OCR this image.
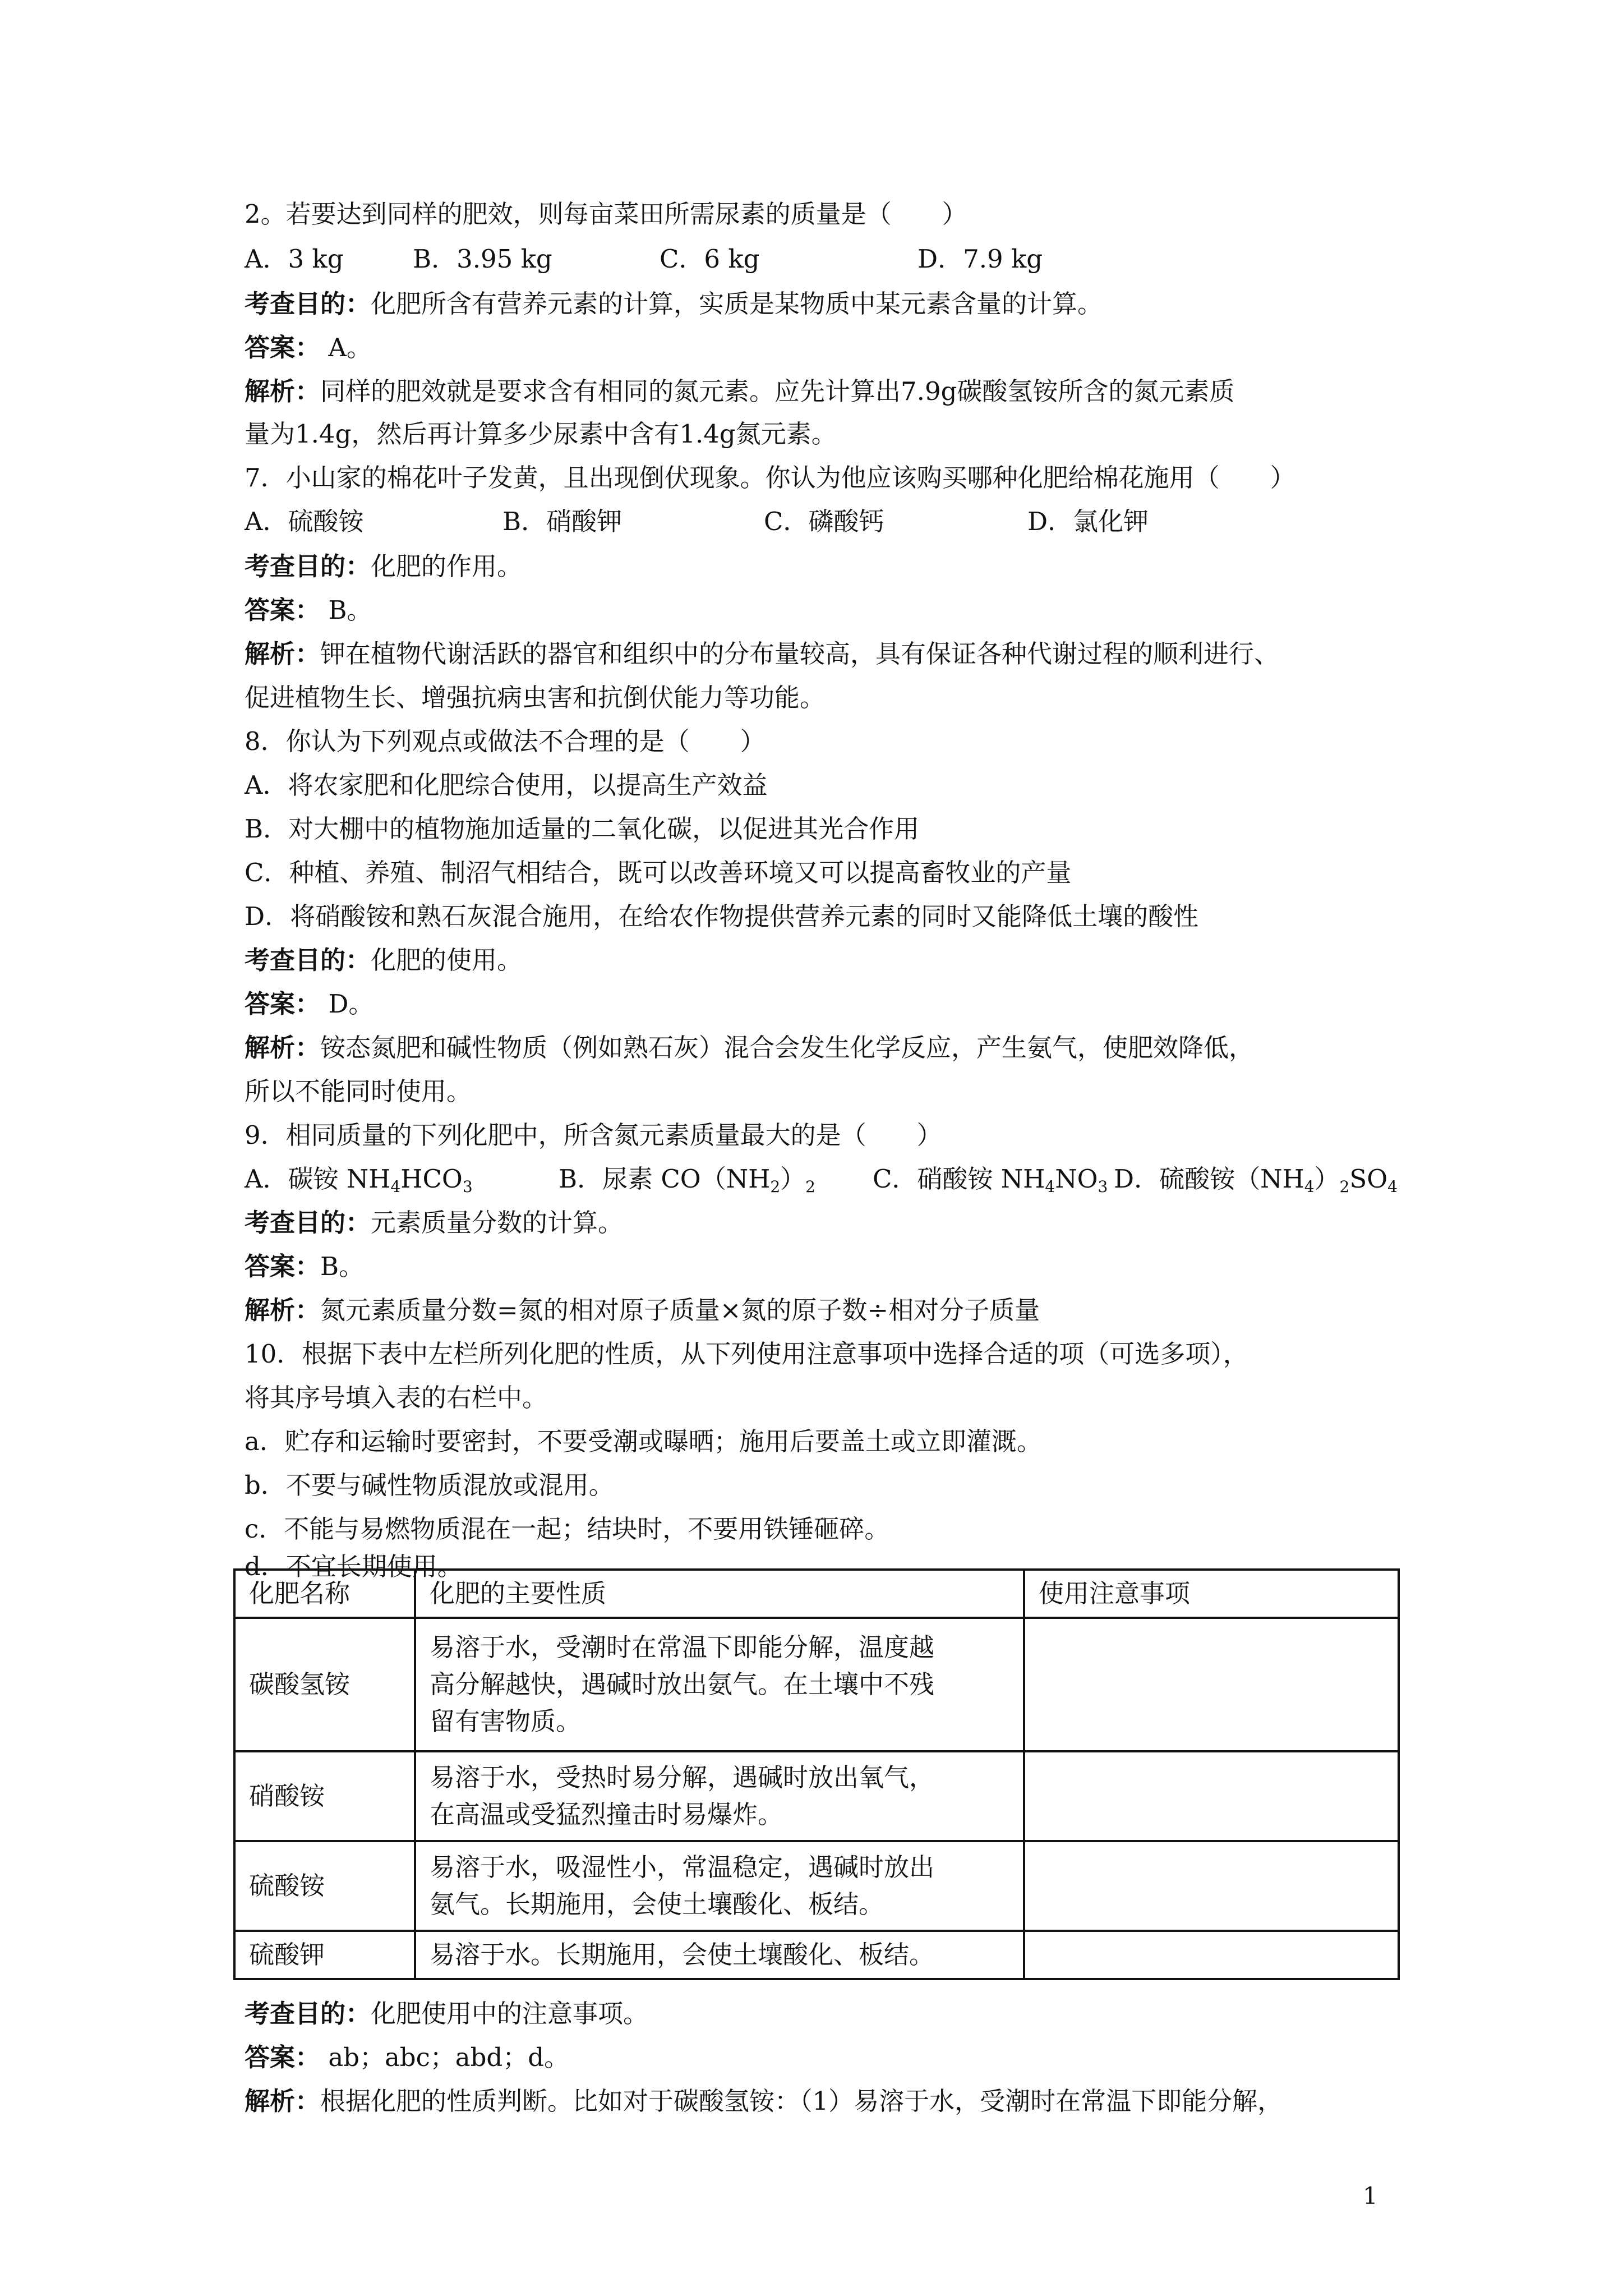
2。若要达到同样的肥效，则每亩菜田所需尿素的质量是（　　）
A．3 kg	B．3.95 kg	C．6 kg	D．7.9 kg
考查目的：化肥所含有营养元素的计算，实质是某物质中某元素含量的计算。
答案： A。
解析：同样的肥效就是要求含有相同的氮元素。应先计算出7.9g碳酸氢铵所含的氮元素质
量为1.4g，然后再计算多少尿素中含有1.4g氮元素。
7．小山家的棉花叶子发黄，且出现倒伏现象。你认为他应该购买哪种化肥给棉花施用（　　）
A．硫酸铵	B．硝酸钾	C．磷酸钙	D．氯化钾
考查目的：化肥的作用。
答案： B。
解析：钾在植物代谢活跃的器官和组织中的分布量较高，具有保证各种代谢过程的顺利进行、
促进植物生长、增强抗病虫害和抗倒伏能力等功能。
8．你认为下列观点或做法不合理的是（　　）
A．将农家肥和化肥综合使用，以提高生产效益
B．对大棚中的植物施加适量的二氧化碳，以促进其光合作用
C．种植、养殖、制沼气相结合，既可以改善环境又可以提高畜牧业的产量
D．将硝酸铵和熟石灰混合施用，在给农作物提供营养元素的同时又能降低土壤的酸性
考查目的：化肥的使用。
答案： D。
解析：铵态氮肥和碱性物质（例如熟石灰）混合会发生化学反应，产生氨气，使肥效降低，
所以不能同时使用。
9．相同质量的下列化肥中，所含氮元素质量最大的是（　　）
A．碳铵 $NH_4HCO_3$	B．尿素 $CO(NH_2)_2$ C．硝酸铵 $NH_4NO_3$ D．硫酸铵$(NH_4)_2SO_4$
考查目的：元素质量分数的计算。
答案：B。
解析：氮元素质量分数=氮的相对原子质量×氮的原子数÷相对分子质量
10．根据下表中左栏所列化肥的性质，从下列使用注意事项中选择合适的项（可选多项），
将其序号填入表的右栏中。
a．贮存和运输时要密封，不要受潮或曝晒；施用后要盖土或立即灌溉。
b．不要与碱性物质混放或混用。
c．不能与易燃物质混在一起；结块时，不要用铁锤砸碎。
d．不宜长期使用。
化肥名称	化肥的主要性质	使用注意事项
碳酸氢铵	易溶于水，受潮时在常温下即能分解，温度越
高分解越快，遇碱时放出氨气。在土壤中不残
留有害物质。	

硝酸铵	易溶于水，受热时易分解，遇碱时放出氧气，
在高温或受猛烈撞击时易爆炸。	

硫酸铵	易溶于水，吸湿性小，常温稳定，遇碱时放出
氨气。长期施用，会使土壤酸化、板结。	

硫酸钾	易溶于水。长期施用，会使土壤酸化、板结。	

考查目的：化肥使用中的注意事项。
答案： ab；abc；abd；d。
解析：根据化肥的性质判断。比如对于碳酸氢铵：（1）易溶于水，受潮时在常温下即能分解，
1
